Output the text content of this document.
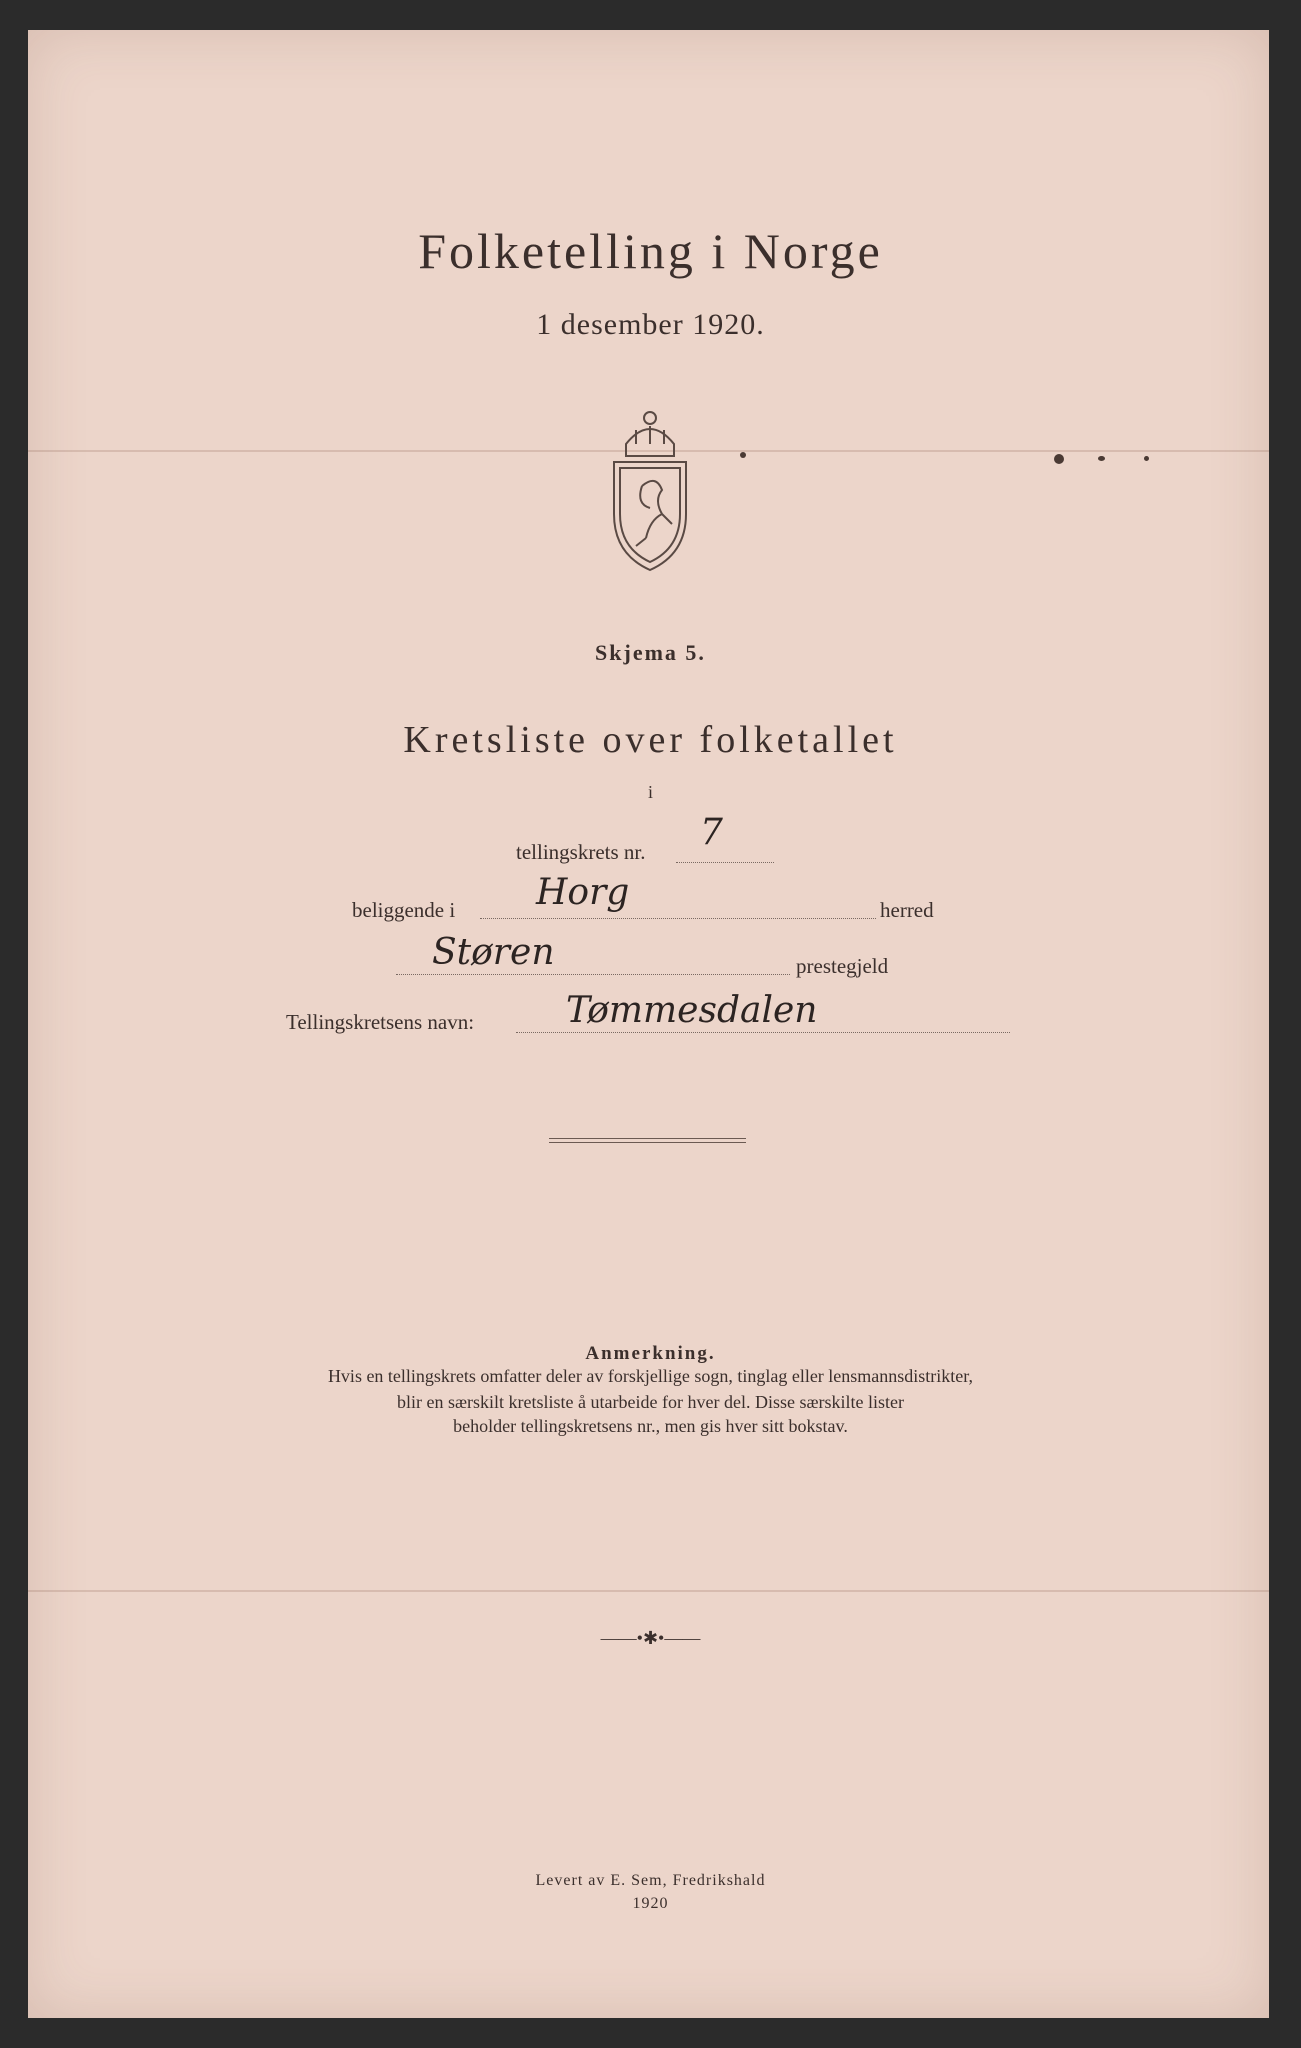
Folketelling i Norge
1 desember 1920.
Skjema 5.
Kretsliste over folketallet
i
tellingskrets nr. 7
beliggende i Horg	herred
Støren	prestegjeld
Tellingskretsens navn:	Tømmesdalen
Anmerkning.
Hvis en tellingskrets omfatter deler av forskjellige sogn, tinglag eller lensmannsdistrikter,
blir en særskilt kretsliste å utarbeide for hver del. Disse særskilte lister
beholder tellingskretsens nr., men gis hver sitt bokstav.
——•✱•——
Levert av E. Sem, Fredrikshald
1920
